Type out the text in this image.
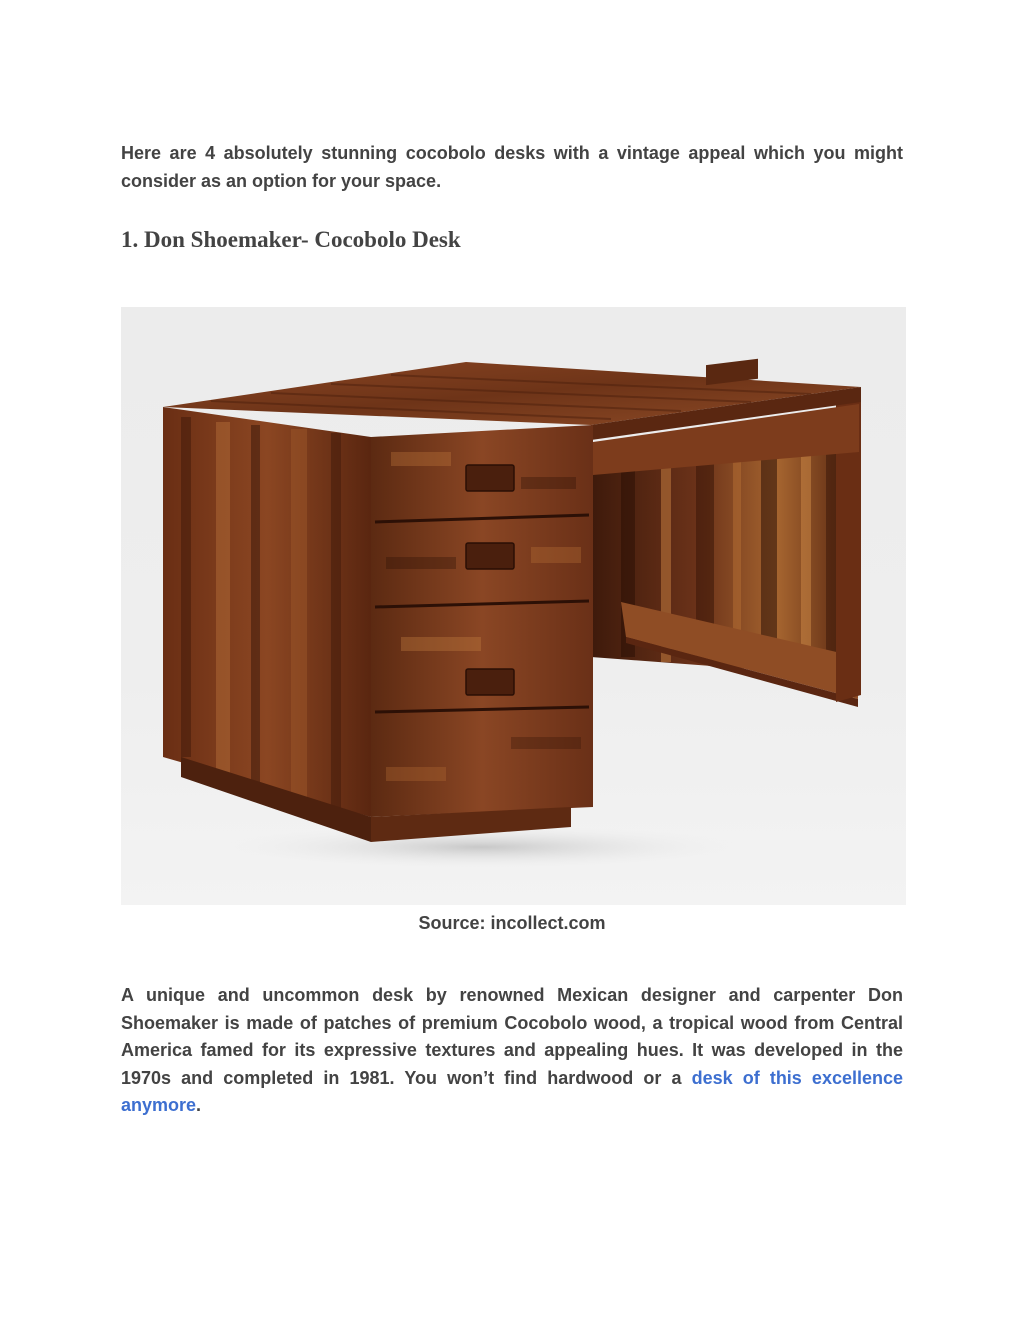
Here are 4 absolutely stunning cocobolo desks with a vintage appeal which you might consider as an option for your space.

1. Don Shoemaker- Cocobolo Desk

Source: incollect.com

A unique and uncommon desk by renowned Mexican designer and carpenter Don Shoemaker is made of patches of premium Cocobolo wood, a tropical wood from Central America famed for its expressive textures and appealing hues. It was developed in the 1970s and completed in 1981. You won’t find hardwood or a desk of this excellence anymore.
